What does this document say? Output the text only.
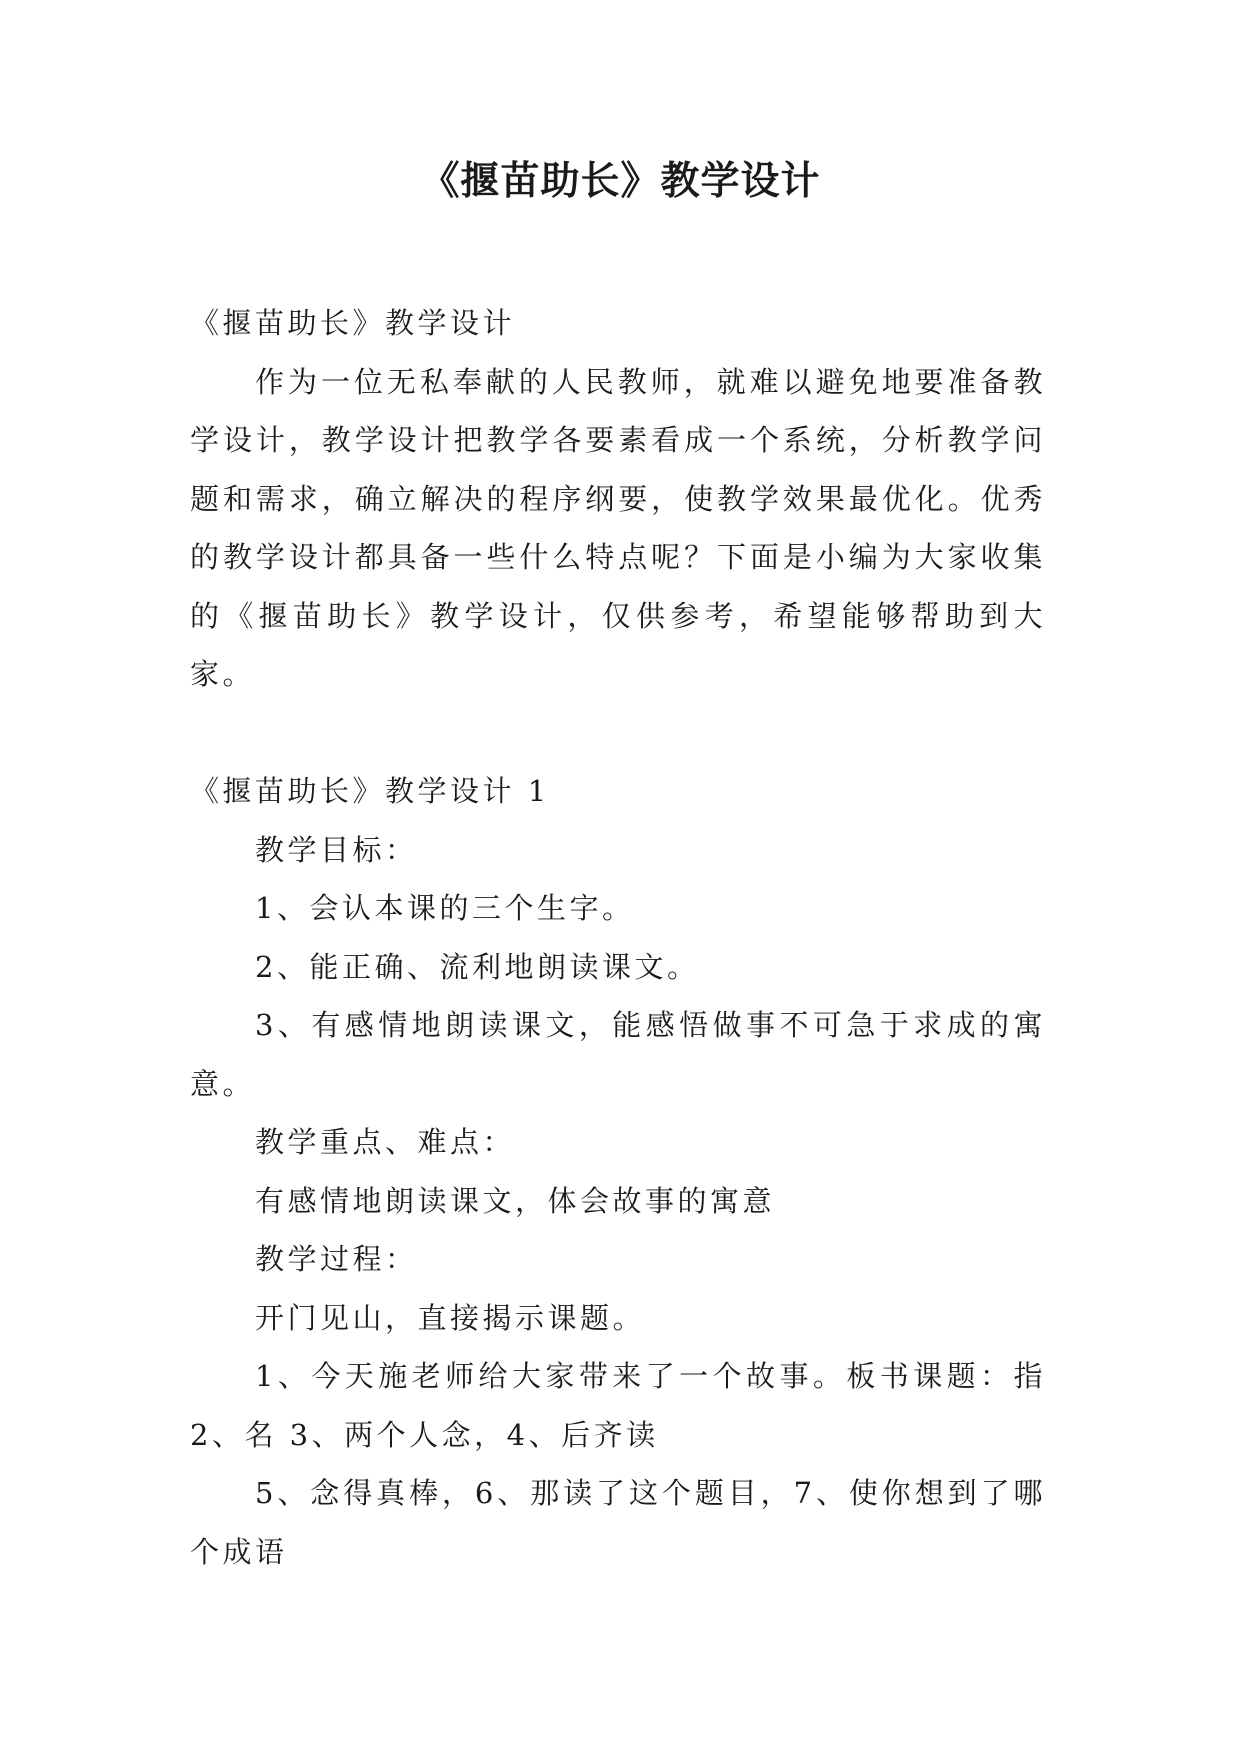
《揠苗助长》教学设计

《揠苗助长》教学设计

作为一位无私奉献的人民教师，就难以避免地要准备教学设计，教学设计把教学各要素看成一个系统，分析教学问题和需求，确立解决的程序纲要，使教学效果最优化。优秀的教学设计都具备一些什么特点呢？下面是小编为大家收集的《揠苗助长》教学设计，仅供参考，希望能够帮助到大家。

《揠苗助长》教学设计 1

教学目标：

1、会认本课的三个生字。

2、能正确、流利地朗读课文。

3、有感情地朗读课文，能感悟做事不可急于求成的寓意。

教学重点、难点：

有感情地朗读课文，体会故事的寓意

教学过程：

开门见山，直接揭示课题。

1、今天施老师给大家带来了一个故事。板书课题：指 2、名 3、两个人念，4、后齐读

5、念得真棒，6、那读了这个题目，7、使你想到了哪个成语
